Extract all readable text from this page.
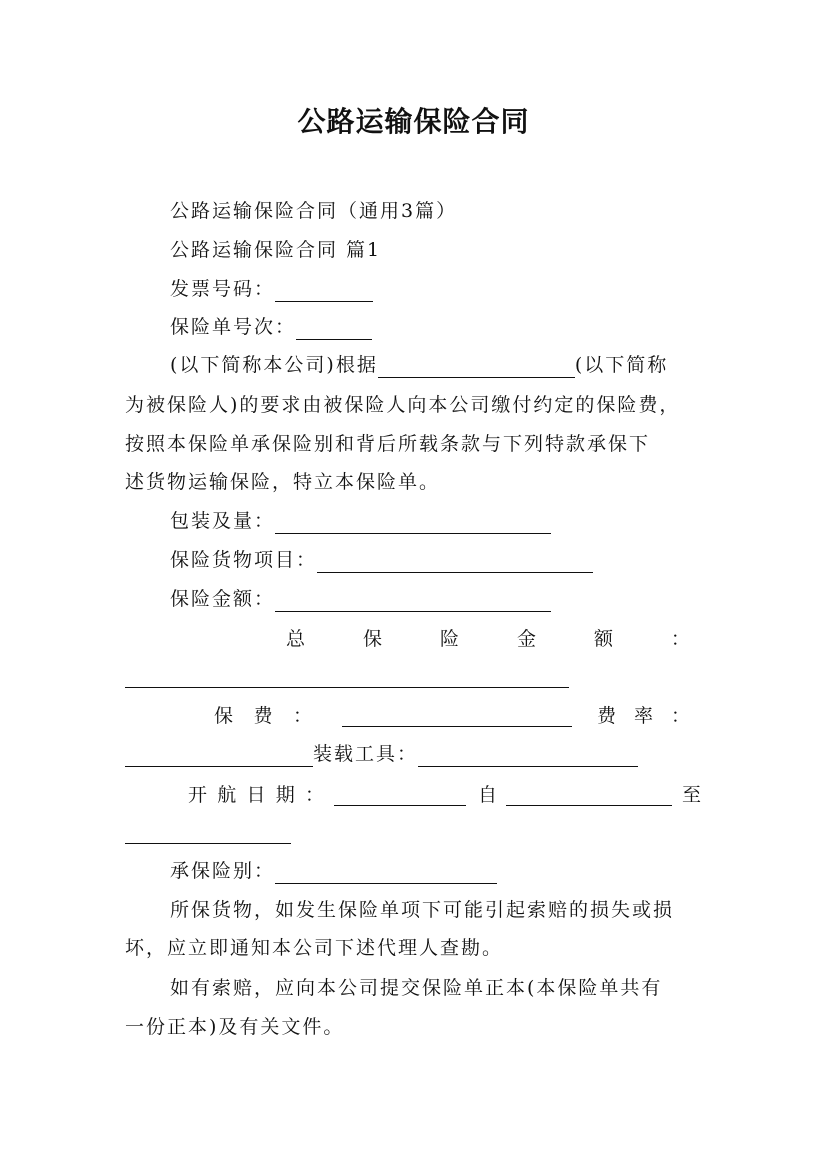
公路运输保险合同
公路运输保险合同（通用3篇）
公路运输保险合同 篇1
发票号码：
保险单号次：
(以下简称本公司)根据	(以下简称
为被保险人)的要求由被保险人向本公司缴付约定的保险费，
按照本保险单承保险别和背后所载条款与下列特款承保下
述货物运输保险，特立本保险单。
包装及量：
保险货物项目：
保险金额：
总	保	险	金	额	：
保 费 ：	费 率 ：
装载工具：
开 航 日 期 ：	自	至
承保险别：
所保货物，如发生保险单项下可能引起索赔的损失或损
坏，应立即通知本公司下述代理人查勘。
如有索赔，应向本公司提交保险单正本(本保险单共有
一份正本)及有关文件。
